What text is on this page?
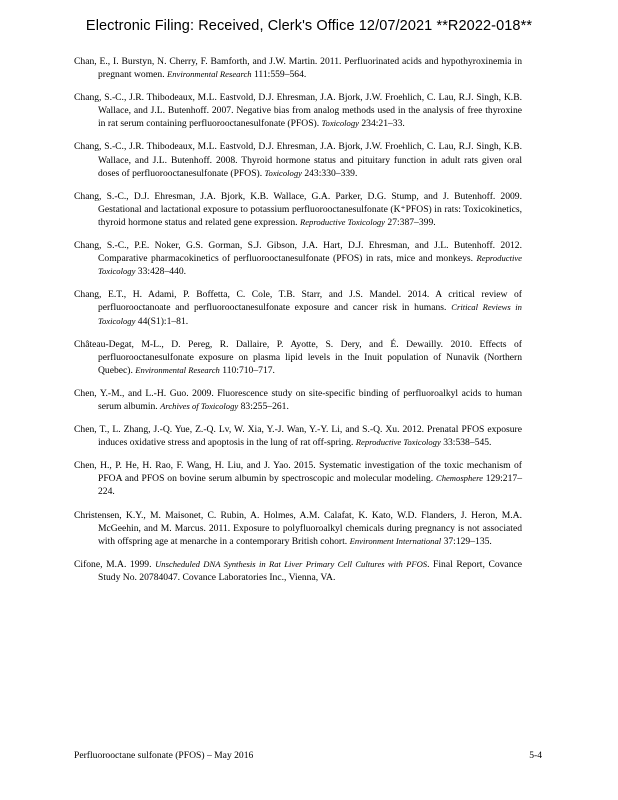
Electronic Filing: Received, Clerk's Office 12/07/2021 **R2022-018**
Chan, E., I. Burstyn, N. Cherry, F. Bamforth, and J.W. Martin. 2011. Perfluorinated acids and hypothyroxinemia in pregnant women. Environmental Research 111:559–564.
Chang, S.-C., J.R. Thibodeaux, M.L. Eastvold, D.J. Ehresman, J.A. Bjork, J.W. Froehlich, C. Lau, R.J. Singh, K.B. Wallace, and J.L. Butenhoff. 2007. Negative bias from analog methods used in the analysis of free thyroxine in rat serum containing perfluorooctanesulfonate (PFOS). Toxicology 234:21–33.
Chang, S.-C., J.R. Thibodeaux, M.L. Eastvold, D.J. Ehresman, J.A. Bjork, J.W. Froehlich, C. Lau, R.J. Singh, K.B. Wallace, and J.L. Butenhoff. 2008. Thyroid hormone status and pituitary function in adult rats given oral doses of perfluorooctanesulfonate (PFOS). Toxicology 243:330–339.
Chang, S.-C., D.J. Ehresman, J.A. Bjork, K.B. Wallace, G.A. Parker, D.G. Stump, and J. Butenhoff. 2009. Gestational and lactational exposure to potassium perfluorooctanesulfonate (K⁺PFOS) in rats: Toxicokinetics, thyroid hormone status and related gene expression. Reproductive Toxicology 27:387–399.
Chang, S.-C., P.E. Noker, G.S. Gorman, S.J. Gibson, J.A. Hart, D.J. Ehresman, and J.L. Butenhoff. 2012. Comparative pharmacokinetics of perfluorooctanesulfonate (PFOS) in rats, mice and monkeys. Reproductive Toxicology 33:428–440.
Chang, E.T., H. Adami, P. Boffetta, C. Cole, T.B. Starr, and J.S. Mandel. 2014. A critical review of perfluorooctanoate and perfluorooctanesulfonate exposure and cancer risk in humans. Critical Reviews in Toxicology 44(S1):1–81.
Château-Degat, M-L., D. Pereg, R. Dallaire, P. Ayotte, S. Dery, and É. Dewailly. 2010. Effects of perfluorooctanesulfonate exposure on plasma lipid levels in the Inuit population of Nunavik (Northern Quebec). Environmental Research 110:710–717.
Chen, Y.-M., and L.-H. Guo. 2009. Fluorescence study on site-specific binding of perfluoroalkyl acids to human serum albumin. Archives of Toxicology 83:255–261.
Chen, T., L. Zhang, J.-Q. Yue, Z.-Q. Lv, W. Xia, Y.-J. Wan, Y.-Y. Li, and S.-Q. Xu. 2012. Prenatal PFOS exposure induces oxidative stress and apoptosis in the lung of rat off-spring. Reproductive Toxicology 33:538–545.
Chen, H., P. He, H. Rao, F. Wang, H. Liu, and J. Yao. 2015. Systematic investigation of the toxic mechanism of PFOA and PFOS on bovine serum albumin by spectroscopic and molecular modeling. Chemosphere 129:217–224.
Christensen, K.Y., M. Maisonet, C. Rubin, A. Holmes, A.M. Calafat, K. Kato, W.D. Flanders, J. Heron, M.A. McGeehin, and M. Marcus. 2011. Exposure to polyfluoroalkyl chemicals during pregnancy is not associated with offspring age at menarche in a contemporary British cohort. Environment International 37:129–135.
Cifone, M.A. 1999. Unscheduled DNA Synthesis in Rat Liver Primary Cell Cultures with PFOS. Final Report, Covance Study No. 20784047. Covance Laboratories Inc., Vienna, VA.
Perfluorooctane sulfonate (PFOS) – May 2016	5-4
